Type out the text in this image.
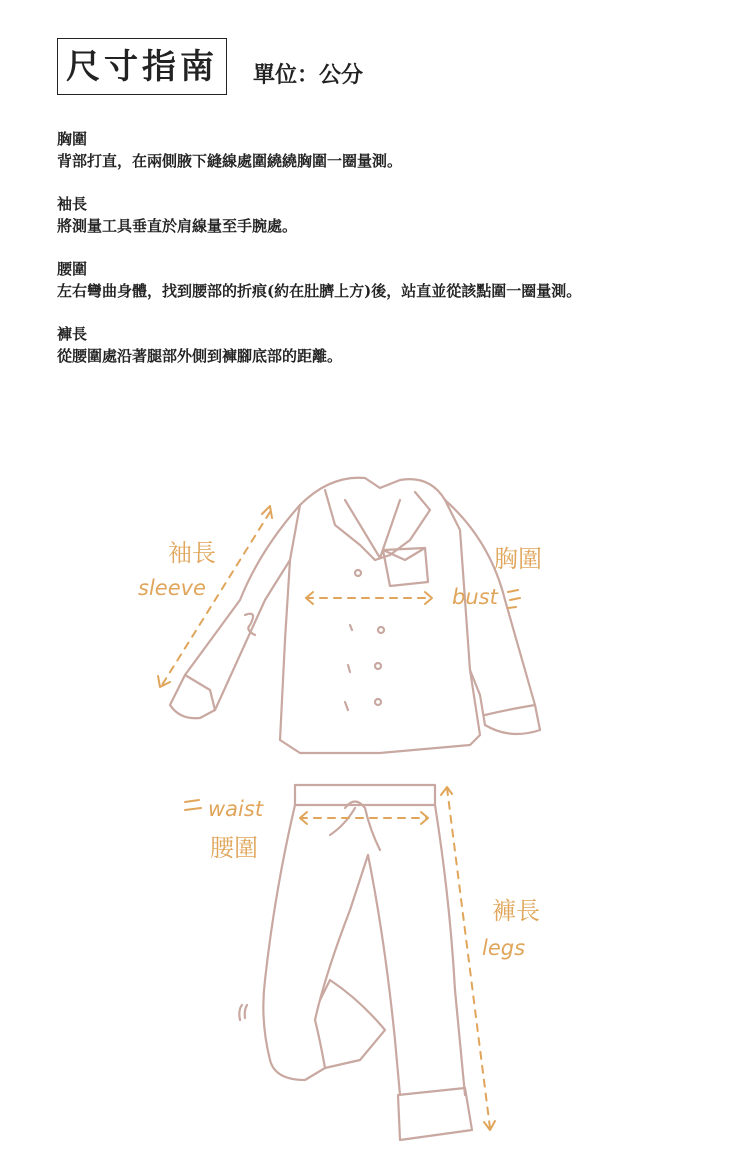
尺寸指南	單位：公分
胸圍
背部打直，在兩側腋下縫線處圍繞繞胸圍一圈量測。
袖長
將測量工具垂直於肩線量至手腕處。
腰圍
左右彎曲身體，找到腰部的折痕(約在肚臍上方)後，站直並從該點圍一圈量測。
褲長
從腰圍處沿著腿部外側到褲腳底部的距離。
袖長
sleeve
胸圍
bust
waist
腰圍
褲長
legs
